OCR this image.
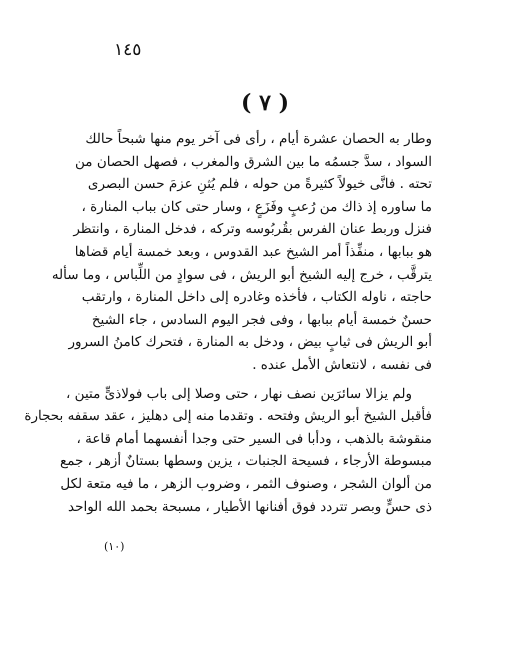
١٤٥
( ٧ )
وطار به الحصان عشرة أيام ، رأى فى آخر يوم منها شبحاً حالك
السواد ، سدَّ جسمُه ما بين الشرق والمغرب ، فصهل الحصان من
تحته . فانَّى خيولاً كثيرةً من حوله ، فلم يُثنِ عزمَ حسن البصرى
ما ساوره إذ ذاك من رُعبٍ وفَزَعٍ ، وسار حتى كان بباب المنارة ،
فنزل وربط عنان الفرس بقُربُوسه وتركه ، فدخل المنارة ، وانتظر
هو ببابها ، منفِّذاً أمر الشيخ عبد القدوس ، وبعد خمسة أيام قضاها
يترقَّب ، خرج إليه الشيخ أبو الريش ، فى سوادٍ من اللِّباس ، وما سأله
حاجته ، ناوله الكتاب ، فأخذه وغادره إلى داخل المنارة ، وارتقب
حسنٌ خمسة أيام ببابها ، وفى فجر اليوم السادس ، جاء الشيخ
أبو الريش فى ثيابٍ بيض ، ودخل به المنارة ، فتحرك كامنُ السرور
فى نفسه ، لانتعاش الأمل عنده .
ولم يزالا سائرَين نصف نهار ، حتى وصلا إلى باب فولاذىٍّ متين ،
فأقبل الشيخ أبو الريش وفتحه . وتقدما منه إلى دهليز ، عقد سقفه بحجارة
منقوشة بالذهب ، ودأبا فى السير حتى وجدا أنفسهما أمام قاعة ،
مبسوطة الأرجاء ، فسيحة الجنبات ، يزين وسطها بستانٌ أزهر ، جمع
من ألوان الشجر ، وصنوف الثمر ، وضروب الزهر ، ما فيه متعة لكل
ذى حسٍّ وبصر تتردد فوق أفنانها الأطيار ، مسبحة بحمد الله الواحد
(١٠)
